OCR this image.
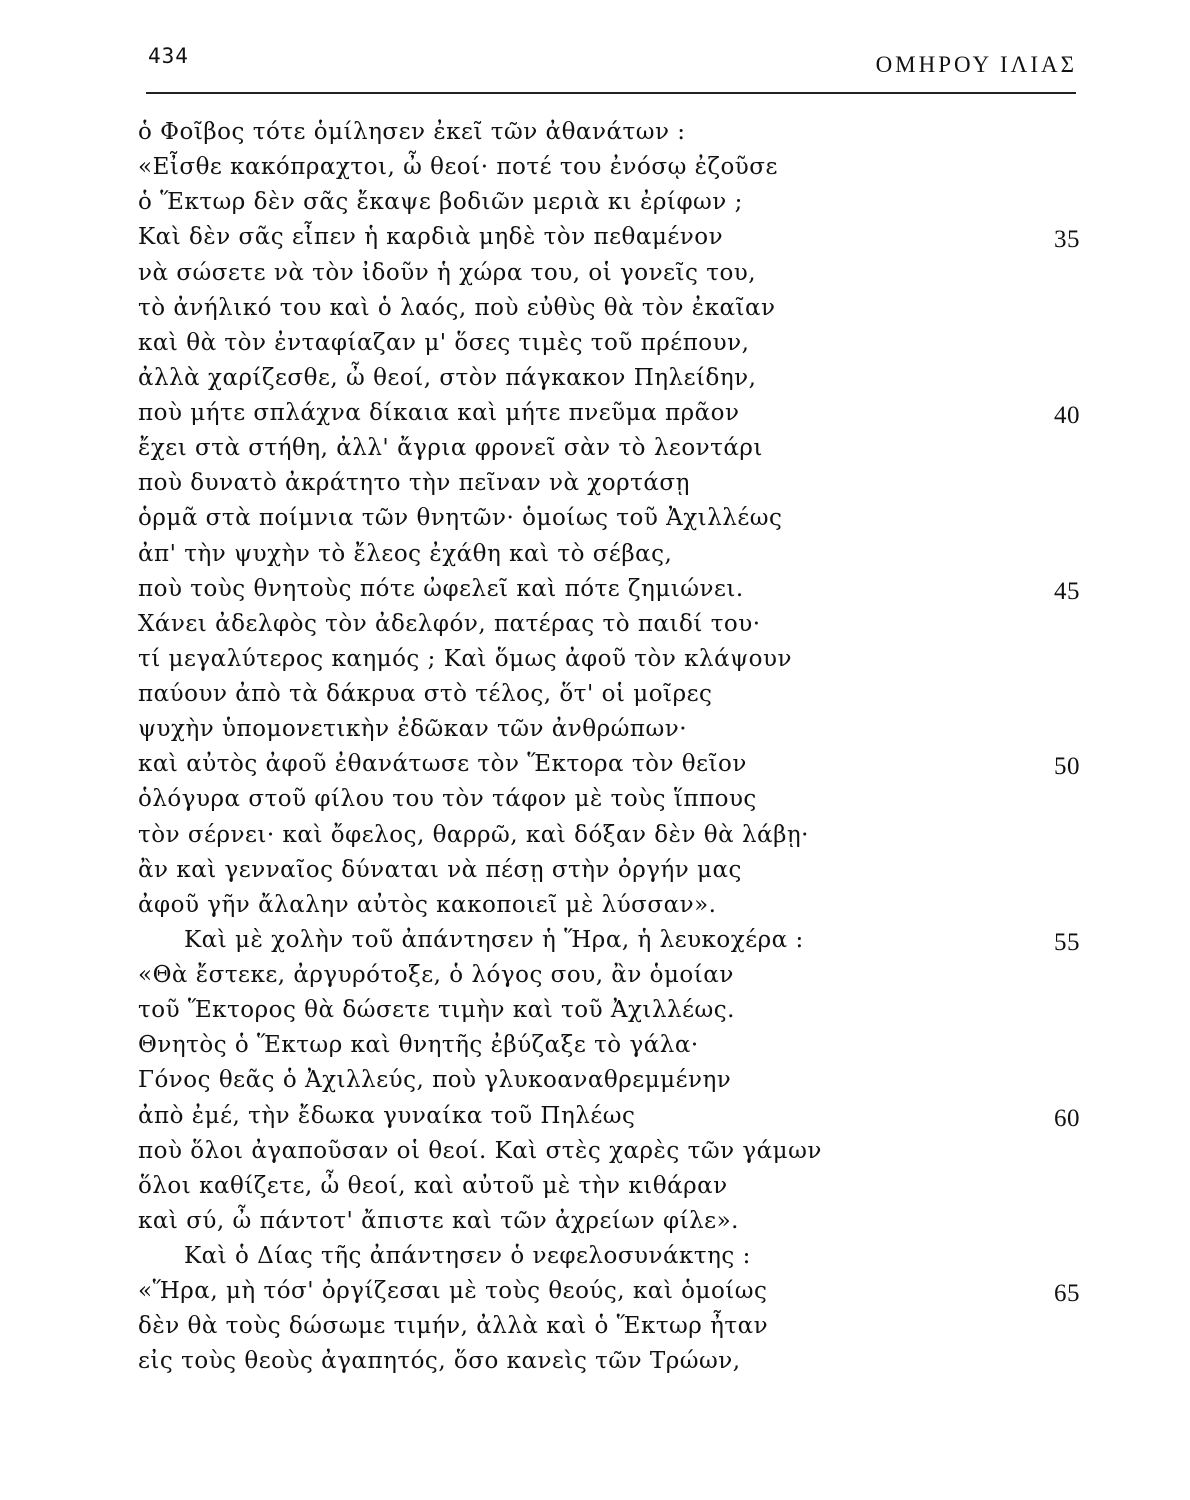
434	ΟΜΗΡΟΥ ΙΛΙΑΣ
ὁ Φοῖβος τότε ὁμίλησεν ἐκεῖ τῶν ἀθανάτων :
«Εἶσθε κακόπραχτοι, ὦ θεοί· ποτέ του ἐνόσῳ ἐζοῦσε
ὁ Ἕκτωρ δὲν σᾶς ἔκαψε βοδιῶν μεριὰ κι ἐρίφων ;
Καὶ δὲν σᾶς εἶπεν ἡ καρδιὰ μηδὲ τὸν πεθαμένον	35
νὰ σώσετε νὰ τὸν ἰδοῦν ἡ χώρα του, οἱ γονεῖς του,
τὸ ἀνήλικό του καὶ ὁ λαός, ποὺ εὐθὺς θὰ τὸν ἐκαῖαν
καὶ θὰ τὸν ἐνταφίαζαν μ' ὅσες τιμὲς τοῦ πρέπουν,
ἀλλὰ χαρίζεσθε, ὦ θεοί, στὸν πάγκακον Πηλείδην,
ποὺ μήτε σπλάχνα δίκαια καὶ μήτε πνεῦμα πρᾶον	40
ἔχει στὰ στήθη, ἀλλ' ἄγρια φρονεῖ σὰν τὸ λεοντάρι
ποὺ δυνατὸ ἀκράτητο τὴν πεῖναν νὰ χορτάσῃ
ὁρμᾶ στὰ ποίμνια τῶν θνητῶν· ὁμοίως τοῦ Ἀχιλλέως
ἀπ' τὴν ψυχὴν τὸ ἔλεος ἐχάθη καὶ τὸ σέβας,
ποὺ τοὺς θνητοὺς πότε ὠφελεῖ καὶ πότε ζημιώνει.	45
Χάνει ἀδελφὸς τὸν ἀδελφόν, πατέρας τὸ παιδί του·
τί μεγαλύτερος καημός ; Καὶ ὅμως ἀφοῦ τὸν κλάψουν
παύουν ἀπὸ τὰ δάκρυα στὸ τέλος, ὅτ' οἱ μοῖρες
ψυχὴν ὑπομονετικὴν ἐδῶκαν τῶν ἀνθρώπων·
καὶ αὐτὸς ἀφοῦ ἐθανάτωσε τὸν Ἕκτορα τὸν θεῖον	50
ὁλόγυρα στοῦ φίλου του τὸν τάφον μὲ τοὺς ἵππους
τὸν σέρνει· καὶ ὄφελος, θαρρῶ, καὶ δόξαν δὲν θὰ λάβῃ·
ἂν καὶ γενναῖος δύναται νὰ πέσῃ στὴν ὀργήν μας
ἀφοῦ γῆν ἄλαλην αὐτὸς κακοποιεῖ μὲ λύσσαν».
Καὶ μὲ χολὴν τοῦ ἀπάντησεν ἡ Ἥρα, ἡ λευκοχέρα :	55
«Θὰ ἔστεκε, ἀργυρότοξε, ὁ λόγος σου, ἂν ὁμοίαν
τοῦ Ἕκτορος θὰ δώσετε τιμὴν καὶ τοῦ Ἀχιλλέως.
Θνητὸς ὁ Ἕκτωρ καὶ θνητῆς ἐβύζαξε τὸ γάλα·
Γόνος θεᾶς ὁ Ἀχιλλεύς, ποὺ γλυκοαναθρεμμένην
ἀπὸ ἐμέ, τὴν ἔδωκα γυναίκα τοῦ Πηλέως	60
ποὺ ὅλοι ἀγαποῦσαν οἱ θεοί. Καὶ στὲς χαρὲς τῶν γάμων
ὅλοι καθίζετε, ὦ θεοί, καὶ αὐτοῦ μὲ τὴν κιθάραν
καὶ σύ, ὦ πάντοτ' ἄπιστε καὶ τῶν ἀχρείων φίλε».
Καὶ ὁ Δίας τῆς ἀπάντησεν ὁ νεφελοσυνάκτης :
«Ἥρα, μὴ τόσ' ὀργίζεσαι μὲ τοὺς θεούς, καὶ ὁμοίως	65
δὲν θὰ τοὺς δώσωμε τιμήν, ἀλλὰ καὶ ὁ Ἕκτωρ ἦταν
εἰς τοὺς θεοὺς ἀγαπητός, ὅσο κανεὶς τῶν Τρώων,
